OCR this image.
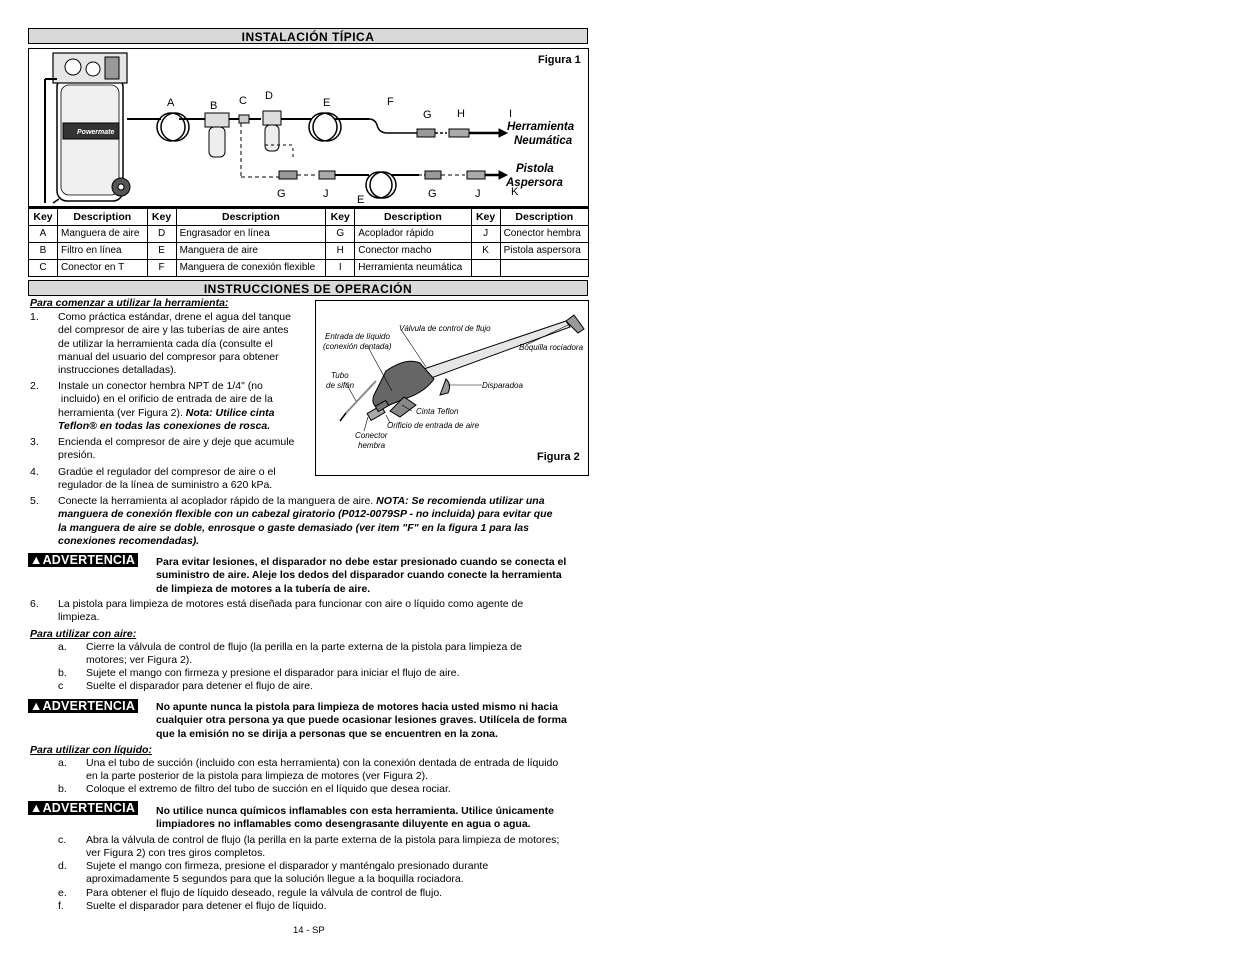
INSTALACIÓN TÍPICA
Powermate
Figura 1
A	B C D
E	F
G H	I
Herramienta
Neumática
Pistola
Aspersora
G	J	E	G	J	K
Key	Description	Key	Description	Key	Description	Key	Description
A	Manguera de aire	D	Engrasador en línea	G	Acoplador rápido	J	Conector hembra
B	Filtro en línea	E	Manguera de aire	H	Conector macho	K	Pistola aspersora
C	Conector en T	F	Manguera de conexión flexible	I	Herramienta neumática		
INSTRUCCIONES DE OPERACIÓN
Para comenzar a utilizar la herramienta:
1. Como práctica estándar, drene el agua del tanque
del compresor de aire y las tuberías de aire antes
de utilizar la herramienta cada día (consulte el
manual del usuario del compresor para obtener
instrucciones detalladas).
2. Instale un conector hembra NPT de 1/4" (no
incluido) en el orificio de entrada de aire de la
herramienta (ver Figura 2). Nota: Utilice cinta
Teflon® en todas las conexiones de rosca.
3. Encienda el compresor de aire y deje que acumule
presión.
4. Gradúe el regulador del compresor de aire o el
regulador de la línea de suministro a 620 kPa.
Válvula de control de flujo
Entrada de líquido
(conexión dentada)	Boquilla rociadora
Tubo
de sifón	Disparadoa
Cinta Teflon
Orificio de entrada de aire
Conector
hembra
Figura 2
5. Conecte la herramienta al acoplador rápido de la manguera de aire. NOTA: Se recomienda utilizar una
manguera de conexión flexible con un cabezal giratorio (P012-0079SP - no incluida) para evitar que
la manguera de aire se doble, enrosque o gaste demasiado (ver item "F" en la figura 1 para las
conexiones recomendadas).
▲ADVERTENCIA Para evitar lesiones, el disparador no debe estar presionado cuando se conecta el
suministro de aire. Aleje los dedos del disparador cuando conecte la herramienta
de limpieza de motores a la tubería de aire.
6. La pistola para limpieza de motores está diseñada para funcionar con aire o líquido como agente de
limpieza.
Para utilizar con aire:
a. Cierre la válvula de control de flujo (la perilla en la parte externa de la pistola para limpieza de
motores; ver Figura 2).
b. Sujete el mango con firmeza y presione el disparador para iniciar el flujo de aire.
c Suelte el disparador para detener el flujo de aire.
▲ADVERTENCIA No apunte nunca la pistola para limpieza de motores hacia usted mismo ni hacia
cualquier otra persona ya que puede ocasionar lesiones graves. Utilícela de forma
que la emisión no se dirija a personas que se encuentren en la zona.
Para utilizar con líquido:
a. Una el tubo de succión (incluido con esta herramienta) con la conexión dentada de entrada de líquido
en la parte posterior de la pistola para limpieza de motores (ver Figura 2).
b. Coloque el extremo de filtro del tubo de succión en el líquido que desea rociar.
▲ADVERTENCIA No utilice nunca químicos inflamables con esta herramienta. Utilice únicamente
limpiadores no inflamables como desengrasante diluyente en agua o agua.
c. Abra la válvula de control de flujo (la perilla en la parte externa de la pistola para limpieza de motores;
ver Figura 2) con tres giros completos.
d. Sujete el mango con firmeza, presione el disparador y manténgalo presionado durante
aproximadamente 5 segundos para que la solución llegue a la boquilla rociadora.
e. Para obtener el flujo de líquido deseado, regule la válvula de control de flujo.
f. Suelte el disparador para detener el flujo de líquido.
14 - SP
